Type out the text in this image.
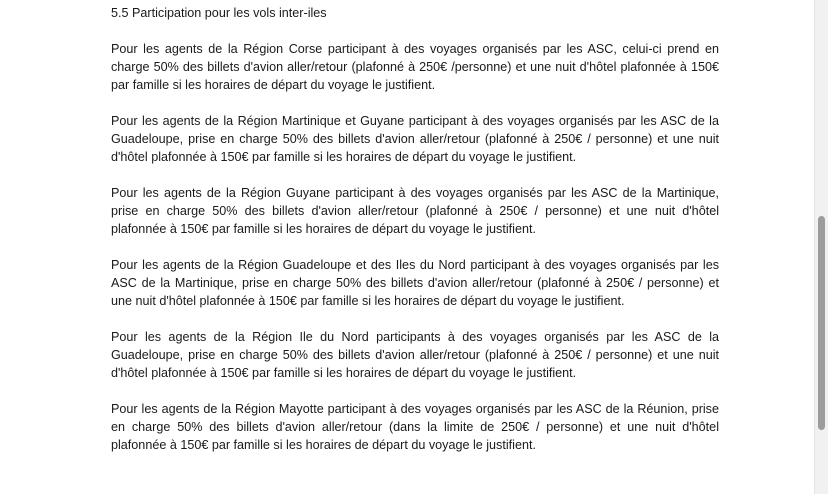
5.5 Participation pour les vols inter-iles

Pour les agents de la Région Corse participant à des voyages organisés par les ASC, celui-ci prend en charge 50% des billets d'avion aller/retour (plafonné à 250€ /personne) et une nuit d'hôtel plafonnée à 150€ par famille si les horaires de départ du voyage le justifient.

Pour les agents de la Région Martinique et Guyane participant à des voyages organisés par les ASC de la Guadeloupe, prise en charge 50% des billets d'avion aller/retour (plafonné à 250€ / personne) et une nuit d'hôtel plafonnée à 150€ par famille si les horaires de départ du voyage le justifient.

Pour les agents de la Région Guyane participant à des voyages organisés par les ASC de la Martinique, prise en charge 50% des billets d'avion aller/retour (plafonné à 250€ / personne) et une nuit d'hôtel plafonnée à 150€ par famille si les horaires de départ du voyage le justifient.

Pour les agents de la Région Guadeloupe et des Iles du Nord participant à des voyages organisés par les ASC de la Martinique, prise en charge 50% des billets d'avion aller/retour (plafonné à 250€ / personne) et une nuit d'hôtel plafonnée à 150€ par famille si les horaires de départ du voyage le justifient.

Pour les agents de la Région Ile du Nord participants à des voyages organisés par les ASC de la Guadeloupe, prise en charge 50% des billets d'avion aller/retour (plafonné à 250€ / personne) et une nuit d'hôtel plafonnée à 150€ par famille si les horaires de départ du voyage le justifient.

Pour les agents de la Région Mayotte participant à des voyages organisés par les ASC de la Réunion, prise en charge 50% des billets d'avion aller/retour (dans la limite de 250€ / personne) et une nuit d'hôtel plafonnée à 150€ par famille si les horaires de départ du voyage le justifient.
